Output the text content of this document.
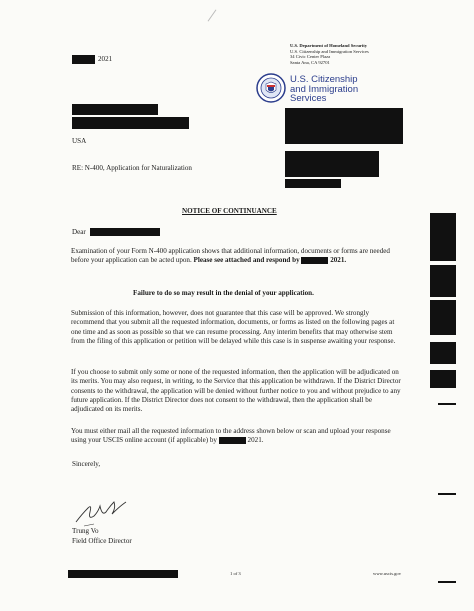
2021
U.S. Department of Homeland Security
U.S. Citizenship and Immigration Services
34 Civic Center Plaza
Santa Ana, CA 92701
U.S. Citizenship
and Immigration
Services
USA
RE: N-400, Application for Naturalization
NOTICE OF CONTINUANCE
Dear
Examination of your Form N-400 application shows that additional information, documents or forms are needed before your application can be acted upon. Please see attached and respond by	2021.
Failure to do so may result in the denial of your application.
Submission of this information, however, does not guarantee that this case will be approved. We strongly recommend that you submit all the requested information, documents, or forms as listed on the following pages at one time and as soon as possible so that we can resume processing. Any interim benefits that may otherwise stem from the filing of this application or petition will be delayed while this case is in suspense awaiting your response.
If you choose to submit only some or none of the requested information, then the application will be adjudicated on its merits. You may also request, in writing, to the Service that this application be withdrawn. If the District Director consents to the withdrawal, the application will be denied without further notice to you and without prejudice to any future application. If the District Director does not consent to the withdrawal, then the application shall be adjudicated on its merits.
You must either mail all the requested information to the address shown below or scan and upload your response using your USCIS online account (if applicable) by	2021.
Sincerely,
Trung Vo
Field Office Director
1 of 3	www.uscis.gov
